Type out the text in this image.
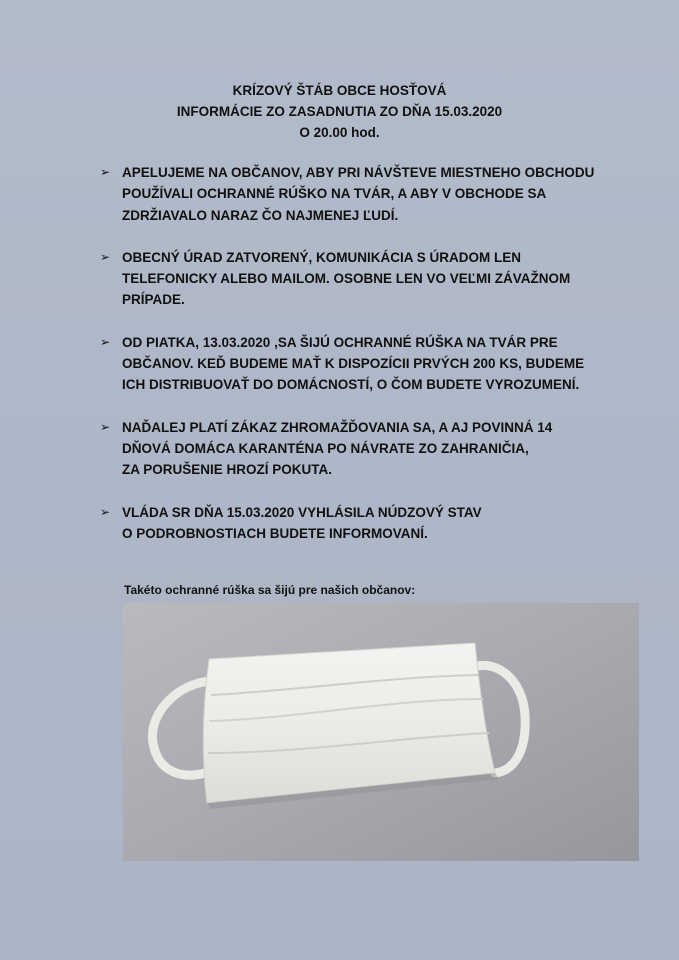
KRÍZOVÝ ŠTÁB OBCE HOSŤOVÁ
INFORMÁCIE ZO ZASADNUTIA ZO DŇA 15.03.2020
O 20.00 hod.
➢ APELUJEME NA OBČANOV, ABY PRI NÁVŠTEVE MIESTNEHO OBCHODU
POUŽÍVALI OCHRANNÉ RÚŠKO NA TVÁR, A ABY V OBCHODE SA
ZDRŽIAVALO NARAZ ČO NAJMENEJ ĽUDÍ.
➢ OBECNÝ ÚRAD ZATVORENÝ, KOMUNIKÁCIA S ÚRADOM LEN
TELEFONICKY ALEBO MAILOM. OSOBNE LEN VO VEĽMI ZÁVAŽNOM
PRÍPADE.
➢ OD PIATKA, 13.03.2020 ,SA ŠIJÚ OCHRANNÉ RÚŠKA NA TVÁR PRE
OBČANOV. KEĎ BUDEME MAŤ K DISPOZÍCII PRVÝCH 200 KS, BUDEME
ICH DISTRIBUOVAŤ DO DOMÁCNOSTÍ, O ČOM BUDETE VYROZUMENÍ.
➢ NAĎALEJ PLATÍ ZÁKAZ ZHROMAŽĎOVANIA SA, A AJ POVINNÁ 14
DŇOVÁ DOMÁCA KARANTÉNA PO NÁVRATE ZO ZAHRANIČIA,
ZA PORUŠENIE HROZÍ POKUTA.
➢ VLÁDA SR DŇA 15.03.2020 VYHLÁSILA NÚDZOVÝ STAV
O PODROBNOSTIACH BUDETE INFORMOVANÍ.
Takéto ochranné rúška sa šijú pre našich občanov:
